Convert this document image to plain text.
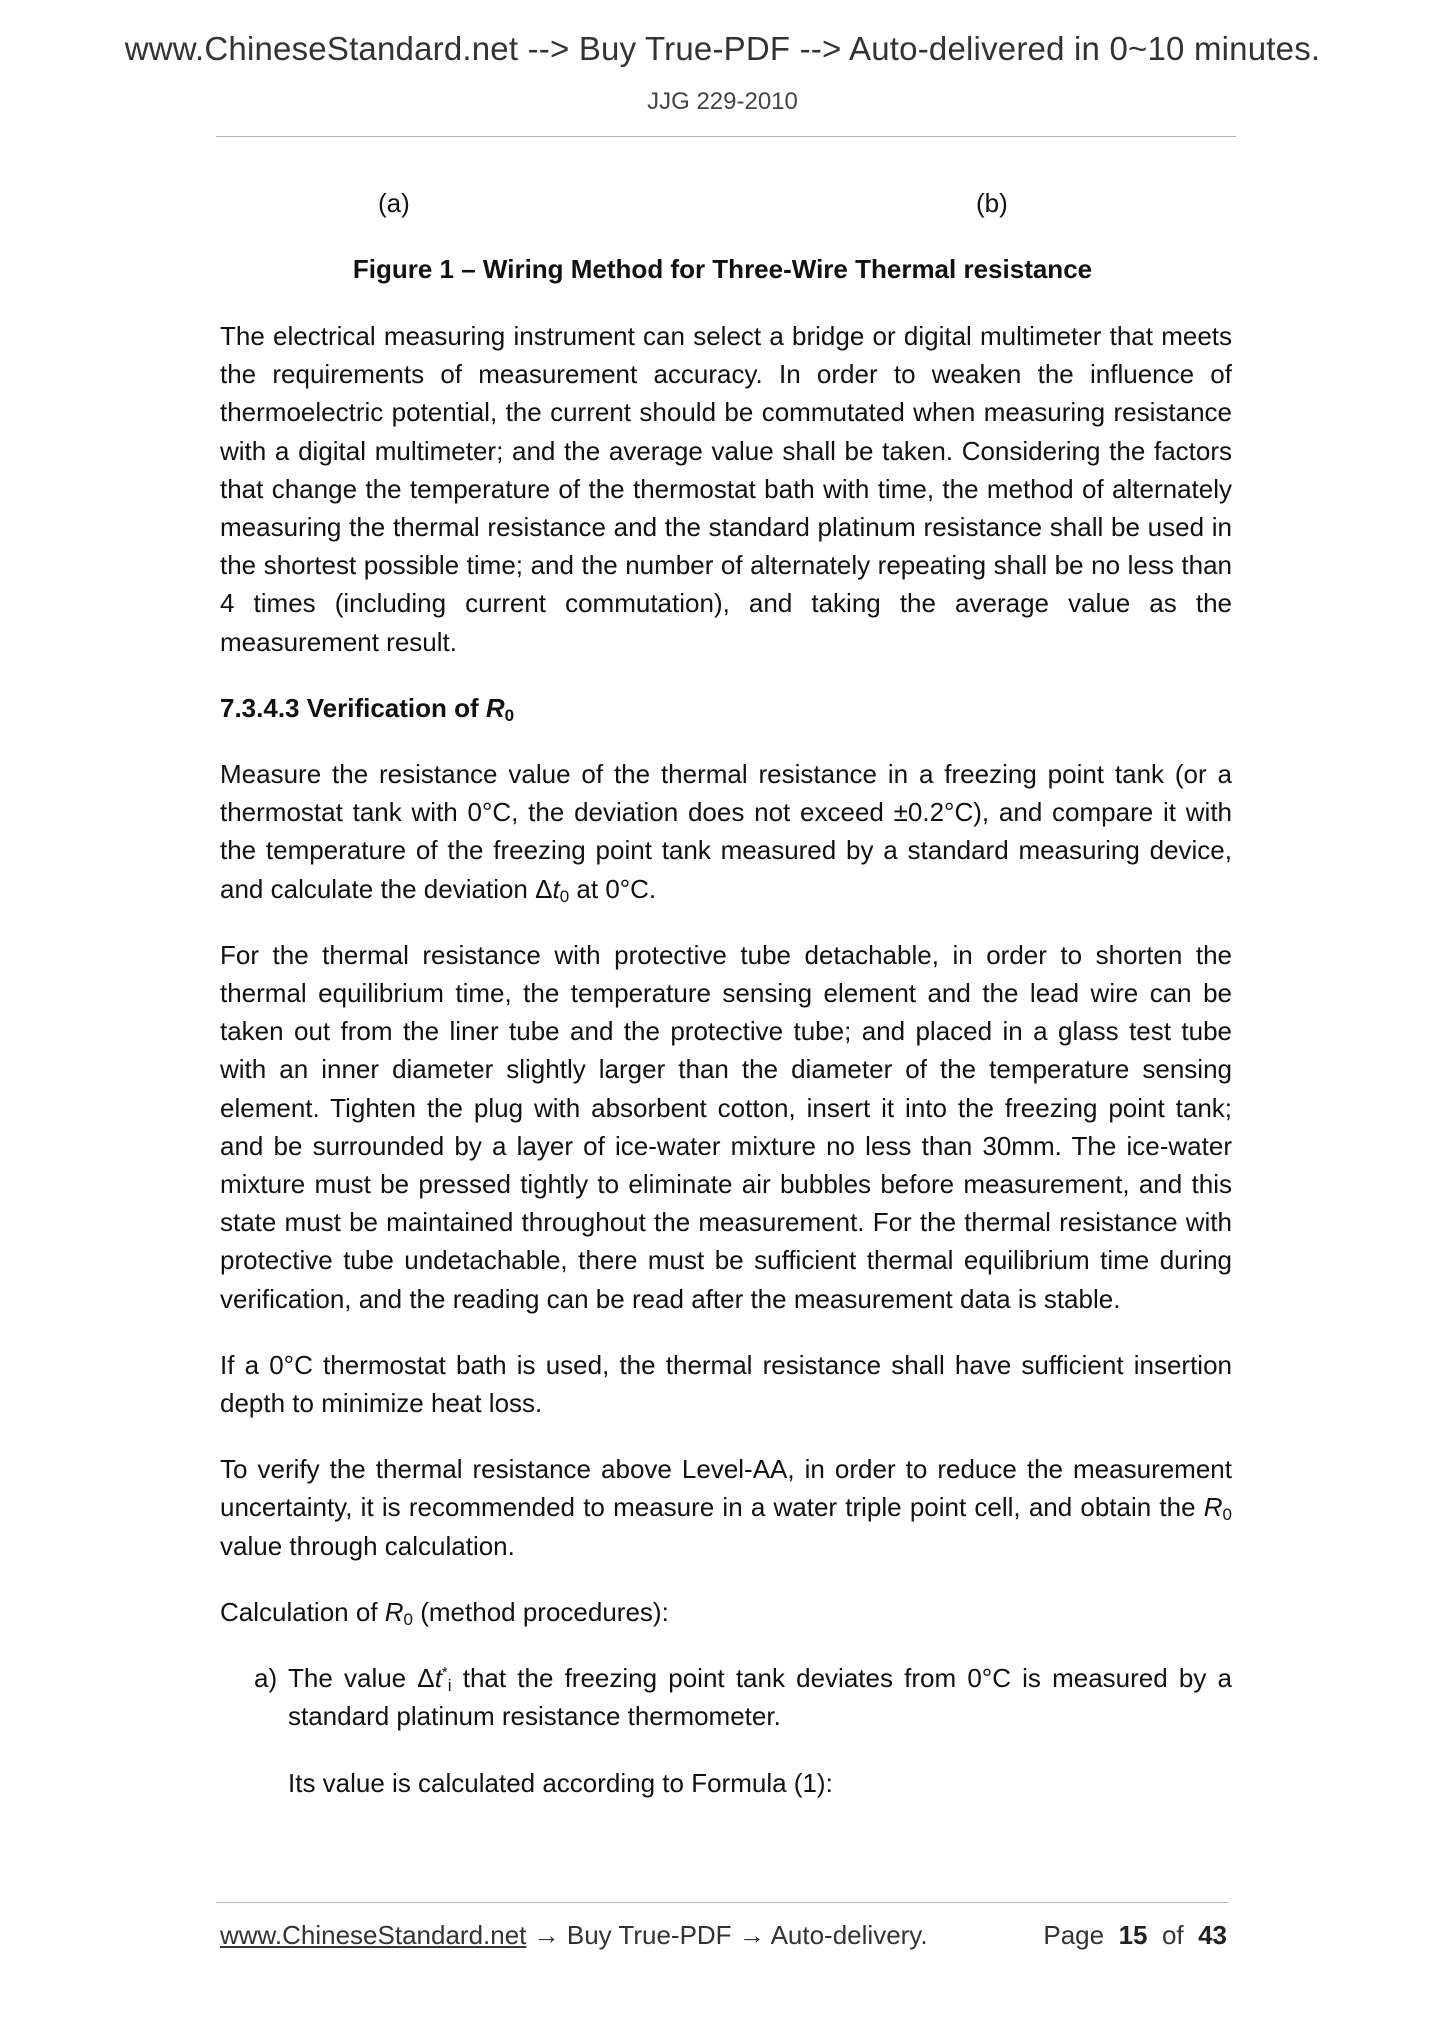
www.ChineseStandard.net --> Buy True-PDF --> Auto-delivered in 0~10 minutes.
JJG 229-2010
(a)	(b)
Figure 1 – Wiring Method for Three-Wire Thermal resistance

The electrical measuring instrument can select a bridge or digital multimeter that meets the requirements of measurement accuracy. In order to weaken the influence of thermoelectric potential, the current should be commutated when measuring resistance with a digital multimeter; and the average value shall be taken. Considering the factors that change the temperature of the thermostat bath with time, the method of alternately measuring the thermal resistance and the standard platinum resistance shall be used in the shortest possible time; and the number of alternately repeating shall be no less than 4 times (including current commutation), and taking the average value as the measurement result.

7.3.4.3 Verification of $R_0$

Measure the resistance value of the thermal resistance in a freezing point tank (or a thermostat tank with 0°C, the deviation does not exceed ±0.2°C), and compare it with the temperature of the freezing point tank measured by a standard measuring device, and calculate the deviation $\Delta t_0$ at 0°C.

For the thermal resistance with protective tube detachable, in order to shorten the thermal equilibrium time, the temperature sensing element and the lead wire can be taken out from the liner tube and the protective tube; and placed in a glass test tube with an inner diameter slightly larger than the diameter of the temperature sensing element. Tighten the plug with absorbent cotton, insert it into the freezing point tank; and be surrounded by a layer of ice-water mixture no less than 30mm. The ice-water mixture must be pressed tightly to eliminate air bubbles before measurement, and this state must be maintained throughout the measurement. For the thermal resistance with protective tube undetachable, there must be sufficient thermal equilibrium time during verification, and the reading can be read after the measurement data is stable.

If a 0°C thermostat bath is used, the thermal resistance shall have sufficient insertion depth to minimize heat loss.

To verify the thermal resistance above Level-AA, in order to reduce the measurement uncertainty, it is recommended to measure in a water triple point cell, and obtain the $R_0$ value through calculation.

Calculation of $R_0$ (method procedures):

a) The value $\Delta t^*_i$ that the freezing point tank deviates from 0°C is measured by a standard platinum resistance thermometer.

Its value is calculated according to Formula (1):

www.ChineseStandard.net → Buy True-PDF → Auto-delivery.	Page 15 of 43
